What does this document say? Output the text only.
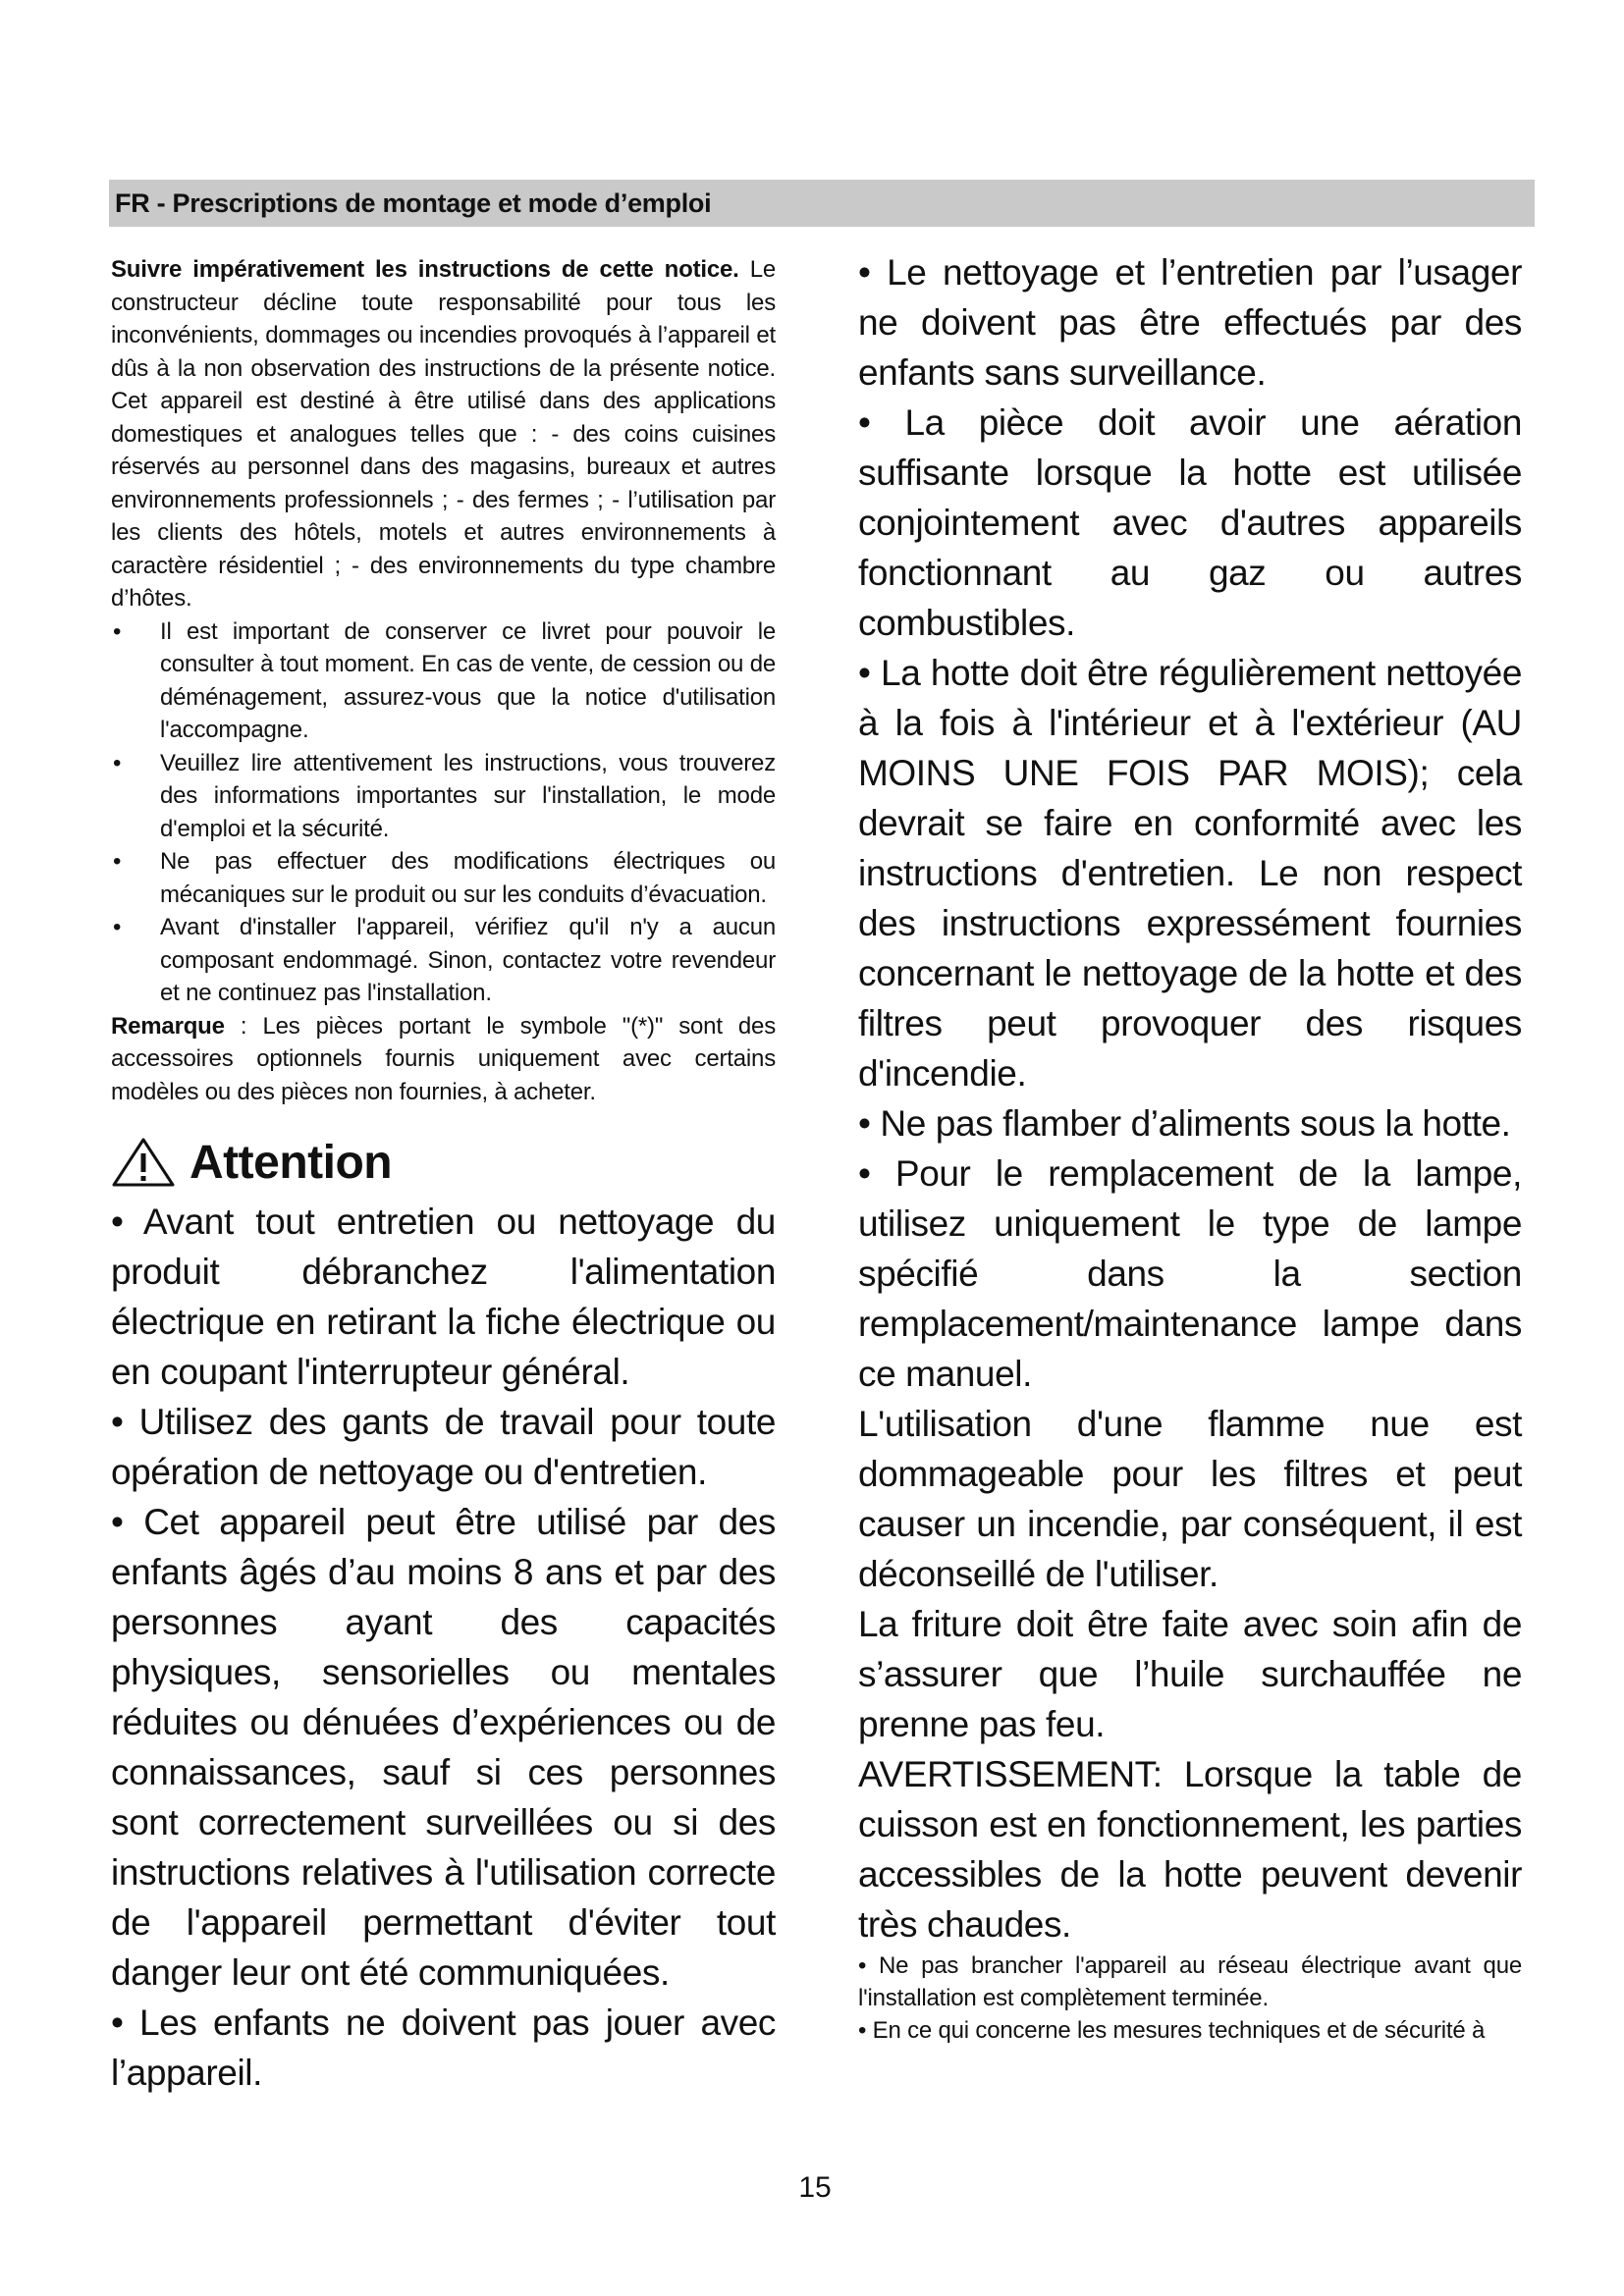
FR - Prescriptions de montage et mode d’emploi

Suivre impérativement les instructions de cette notice. Le constructeur décline toute responsabilité pour tous les inconvénients, dommages ou incendies provoqués à l’appareil et dûs à la non observation des instructions de la présente notice. Cet appareil est destiné à être utilisé dans des applications domestiques et analogues telles que : - des coins cuisines réservés au personnel dans des magasins, bureaux et autres environnements professionnels ; - des fermes ; - l’utilisation par les clients des hôtels, motels et autres environnements à caractère résidentiel ; - des environnements du type chambre d’hôtes.

• Il est important de conserver ce livret pour pouvoir le consulter à tout moment. En cas de vente, de cession ou de déménagement, assurez-vous que la notice d'utilisation l'accompagne.

• Veuillez lire attentivement les instructions, vous trouverez des informations importantes sur l'installation, le mode d'emploi et la sécurité.

• Ne pas effectuer des modifications électriques ou mécaniques sur le produit ou sur les conduits d’évacuation.

• Avant d'installer l'appareil, vérifiez qu'il n'y a aucun composant endommagé. Sinon, contactez votre revendeur et ne continuez pas l'installation.

Remarque : Les pièces portant le symbole "(*)" sont des accessoires optionnels fournis uniquement avec certains modèles ou des pièces non fournies, à acheter.

Attention

• Avant tout entretien ou nettoyage du produit débranchez l'alimentation électrique en retirant la fiche électrique ou en coupant l'interrupteur général.

• Utilisez des gants de travail pour toute opération de nettoyage ou d'entretien.

• Cet appareil peut être utilisé par des enfants âgés d’au moins 8 ans et par des personnes ayant des capacités physiques, sensorielles ou mentales réduites ou dénuées d’expériences ou de connaissances, sauf si ces personnes sont correctement surveillées ou si des instructions relatives à l'utilisation correcte de l'appareil permettant d'éviter tout danger leur ont été communiquées.

• Les enfants ne doivent pas jouer avec l’appareil.

• Le nettoyage et l’entretien par l’usager ne doivent pas être effectués par des enfants sans surveillance.

• La pièce doit avoir une aération suffisante lorsque la hotte est utilisée conjointement avec d'autres appareils fonctionnant au gaz ou autres combustibles.

• La hotte doit être régulièrement nettoyée à la fois à l'intérieur et à l'extérieur (AU MOINS UNE FOIS PAR MOIS); cela devrait se faire en conformité avec les instructions d'entretien. Le non respect des instructions expressément fournies concernant le nettoyage de la hotte et des filtres peut provoquer des risques d'incendie.

• Ne pas flamber d’aliments sous la hotte.

• Pour le remplacement de la lampe, utilisez uniquement le type de lampe spécifié dans la section remplacement/maintenance lampe dans ce manuel.

L'utilisation d'une flamme nue est dommageable pour les filtres et peut causer un incendie, par conséquent, il est déconseillé de l'utiliser.

La friture doit être faite avec soin afin de s’assurer que l’huile surchauffée ne prenne pas feu.

AVERTISSEMENT: Lorsque la table de cuisson est en fonctionnement, les parties accessibles de la hotte peuvent devenir très chaudes.

• Ne pas brancher l'appareil au réseau électrique avant que l'installation est complètement terminée.

• En ce qui concerne les mesures techniques et de sécurité à

15
